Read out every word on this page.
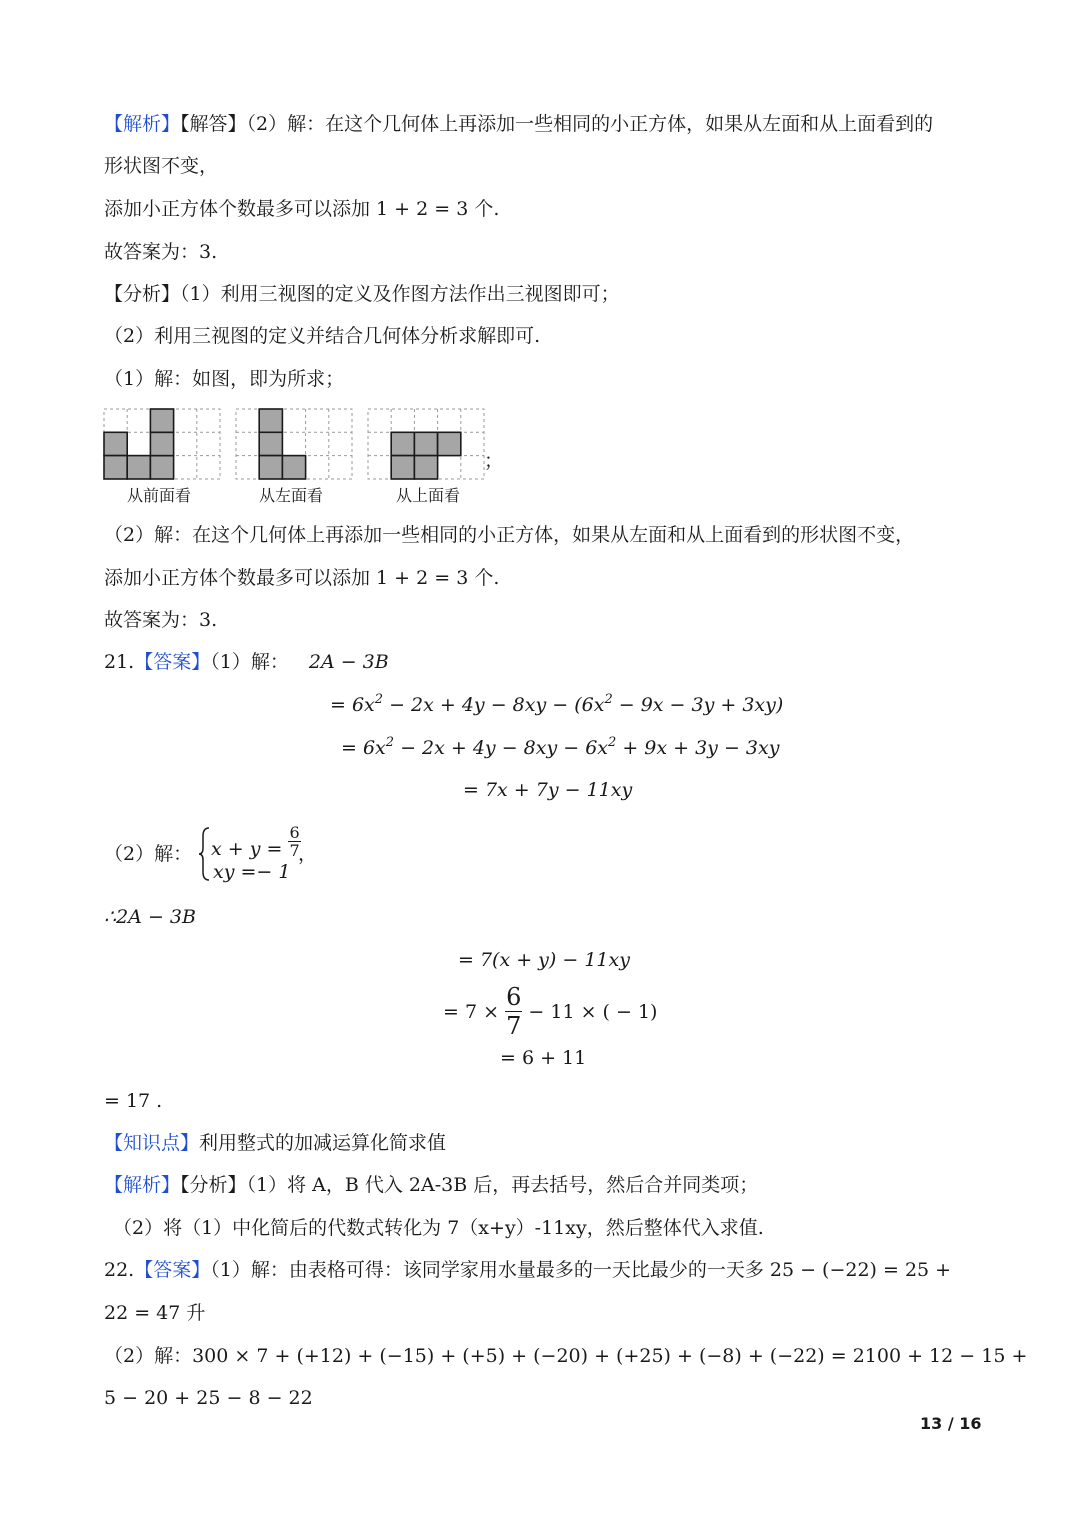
【解析】【解答】（2）解：在这个几何体上再添加一些相同的小正方体，如果从左面和从上面看到的
形状图不变，
添加小正方体个数最多可以添加 1 + 2 = 3 个.
故答案为：3.
【分析】（1）利用三视图的定义及作图方法作出三视图即可；
（2）利用三视图的定义并结合几何体分析求解即可.
（1）解：如图，即为所求；
；
从前面看	从左面看	从上面看
（2）解：在这个几何体上再添加一些相同的小正方体，如果从左面和从上面看到的形状图不变，
添加小正方体个数最多可以添加 1 + 2 = 3 个.
故答案为：3.
21.【答案】（1）解： 2A − 3B
= $6x^2 - 2x + 4y - 8xy - (6x^2 - 9x - 3y + 3xy)$
= $6x^2 - 2x + 4y - 8xy - 6x^2 + 9x + 3y - 3xy$
= 7x + 7y − 11xy
（2）解： $x + y = \frac{6}{7}$
xy =− 1
，
∴2A − 3B
= 7(x + y) − 11xy
= $7 \times \frac{6}{7} - 11$ × ( − 1)
= 6 + 11
= 17 .
【知识点】利用整式的加减运算化简求值
【解析】【分析】（1）将 A，B 代入 2A-3B 后，再去括号，然后合并同类项；
（2）将（1）中化简后的代数式转化为 7（x+y）-11xy，然后整体代入求值.
22.【答案】（1）解：由表格可得：该同学家用水量最多的一天比最少的一天多 25 − (−22) = 25 +
22 = 47 升
（2）解：300 × 7 + (+12) + (−15) + (+5) + (−20) + (+25) + (−8) + (−22) = 2100 + 12 − 15 +
5 − 20 + 25 − 8 − 22
13 / 16
